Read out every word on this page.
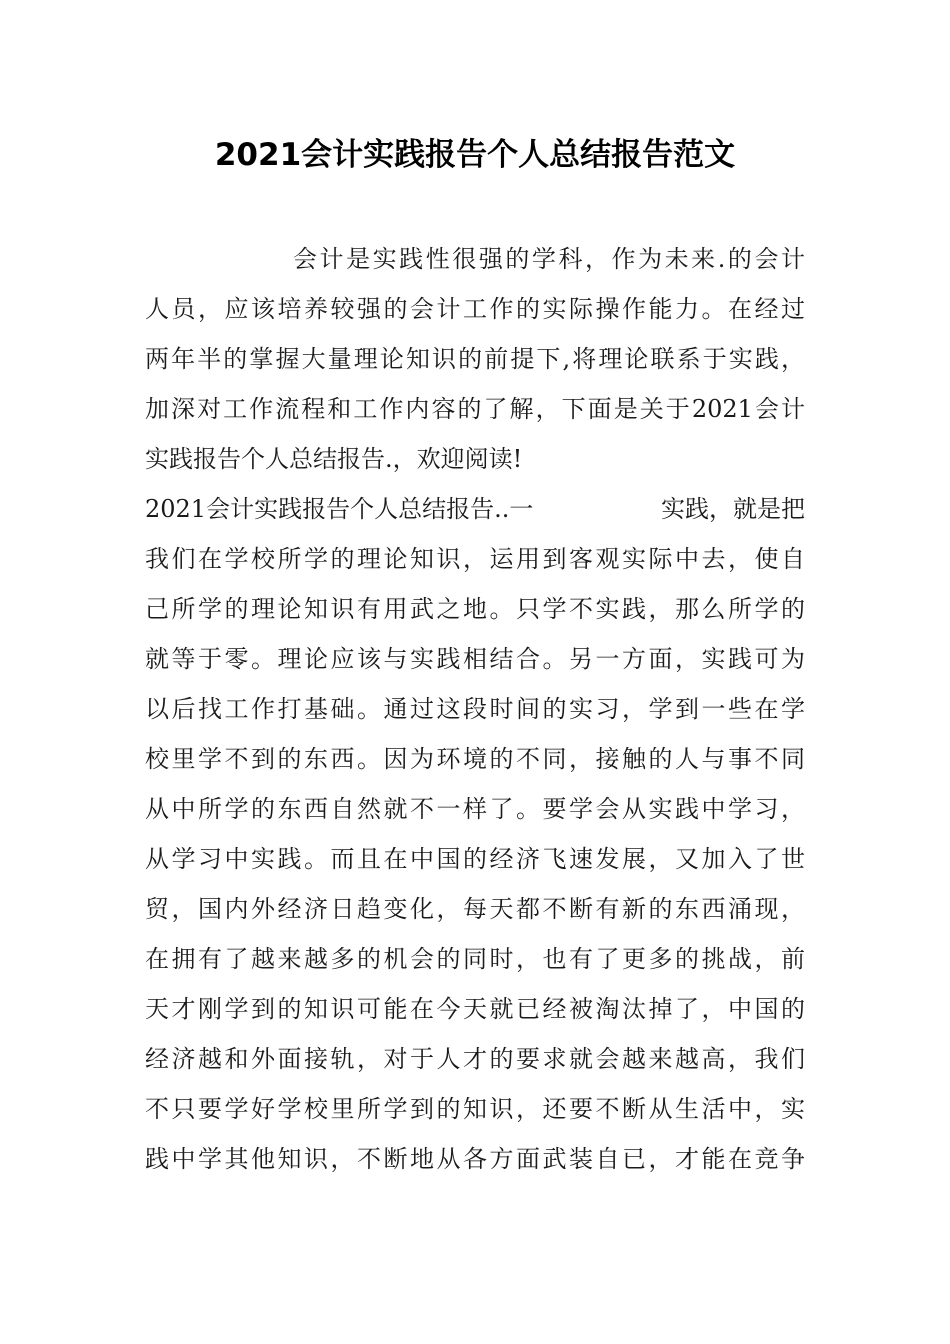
2021会计实践报告个人总结报告范文

会计是实践性很强的学科，作为未来.的会计

人员，应该培养较强的会计工作的实际操作能力。在经过

两年半的掌握大量理论知识的前提下,将理论联系于实践，

加深对工作流程和工作内容的了解，下面是关于2021会计

实践报告个人总结报告.，欢迎阅读!

2021会计实践报告个人总结报告..一	实践，就是把

我们在学校所学的理论知识，运用到客观实际中去，使自

己所学的理论知识有用武之地。只学不实践，那么所学的

就等于零。理论应该与实践相结合。另一方面，实践可为

以后找工作打基础。通过这段时间的实习，学到一些在学

校里学不到的东西。因为环境的不同，接触的人与事不同

从中所学的东西自然就不一样了。要学会从实践中学习，

从学习中实践。而且在中国的经济飞速发展，又加入了世

贸，国内外经济日趋变化，每天都不断有新的东西涌现，

在拥有了越来越多的机会的同时，也有了更多的挑战，前

天才刚学到的知识可能在今天就已经被淘汰掉了，中国的

经济越和外面接轨，对于人才的要求就会越来越高，我们

不只要学好学校里所学到的知识，还要不断从生活中，实

践中学其他知识，不断地从各方面武装自已，才能在竞争
